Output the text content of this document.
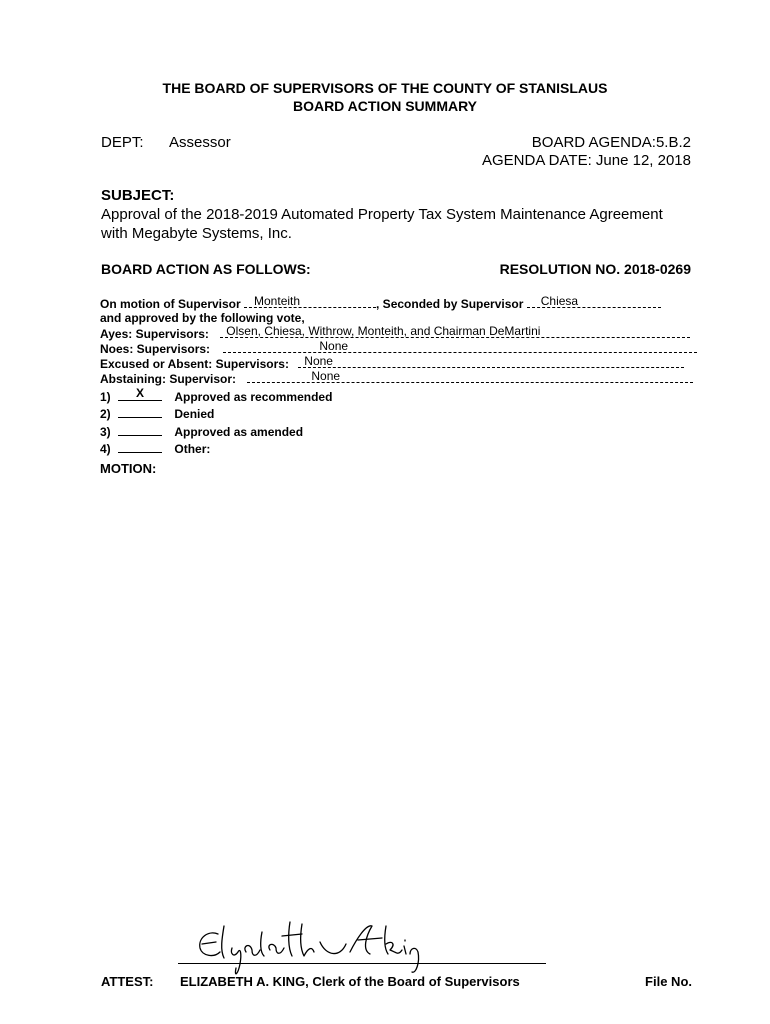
THE BOARD OF SUPERVISORS OF THE COUNTY OF STANISLAUS
BOARD ACTION SUMMARY
DEPT: Assessor	BOARD AGENDA:5.B.2
AGENDA DATE: June 12, 2018
SUBJECT:
Approval of the 2018-2019 Automated Property Tax System Maintenance Agreement
with Megabyte Systems, Inc.
BOARD ACTION AS FOLLOWS:	RESOLUTION NO. 2018-0269
On motion of Supervisor Monteith	, Seconded by Supervisor Chiesa
and approved by the following vote,
Ayes: Supervisors: Olsen, Chiesa, Withrow, Monteith, and Chairman DeMartini
Noes: Supervisors:	None
Excused or Absent: Supervisors: None
Abstaining: Supervisor:	None
1)	X	Approved as recommended
2)	Denied
3)	Approved as amended
4)	Other:
MOTION:
ATTEST: ELIZABETH A. KING, Clerk of the Board of Supervisors	File No.
